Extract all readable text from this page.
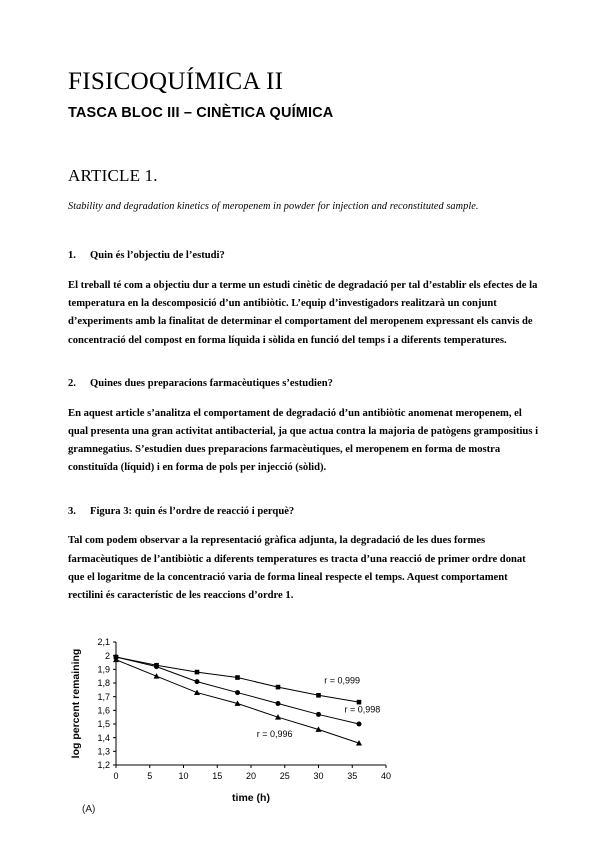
FISICOQUÍMICA II
TASCA BLOC III – CINÈTICA QUÍMICA
ARTICLE 1.

Stability and degradation kinetics of meropenem in powder for injection and reconstituted sample.

1. Quin és l’objectiu de l’estudi?

El treball té com a objectiu dur a terme un estudi cinètic de degradació per tal d’establir els efectes de la temperatura en la descomposició d’un antibiòtic. L’equip d’investigadors realitzarà un conjunt d’experiments amb la finalitat de determinar el comportament del meropenem expressant els canvis de concentració del compost en forma líquida i sòlida en funció del temps i a diferents temperatures.

2. Quines dues preparacions farmacèutiques s’estudien?

En aquest article s’analitza el comportament de degradació d’un antibiòtic anomenat meropenem, el qual presenta una gran activitat antibacterial, ja que actua contra la majoria de patògens grampositius i gramnegatius. S’estudien dues preparacions farmacèutiques, el meropenem en forma de mostra constituïda (líquid) i en forma de pols per injecció (sòlid).

3. Figura 3: quin és l’ordre de reacció i perquè?

Tal com podem observar a la representació gràfica adjunta, la degradació de les dues formes farmacèutiques de l’antibiòtic a diferents temperatures es tracta d’una reacció de primer ordre donat que el logaritme de la concentració varia de forma lineal respecte el temps. Aquest comportament rectilini és característic de les reaccions d’ordre 1.

1,2
1,3
1,4
1,5
1,6
1,7
1,8
1,9
2
2,1
0	5	10	15	20	25	30	35	40
time (h)
log percent remaining	r = 0,999
r = 0,998
r = 0,996
(A)
